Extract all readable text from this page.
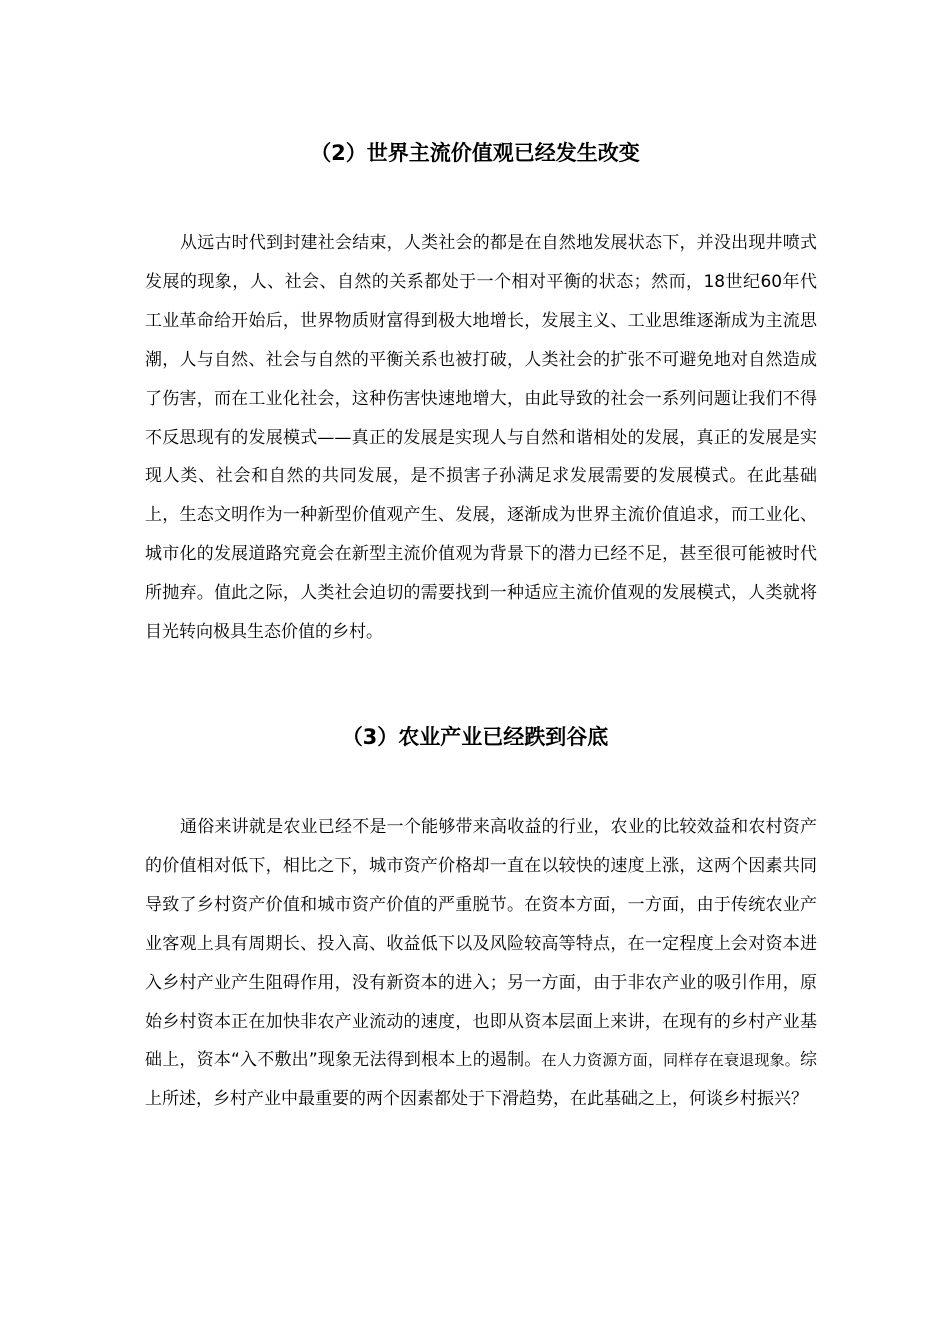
（2）世界主流价值观已经发生改变

从远古时代到封建社会结束，人类社会的都是在自然地发展状态下，并没出现井喷式发展的现象，人、社会、自然的关系都处于一个相对平衡的状态；然而，18世纪60年代工业革命给开始后，世界物质财富得到极大地增长，发展主义、工业思维逐渐成为主流思潮，人与自然、社会与自然的平衡关系也被打破，人类社会的扩张不可避免地对自然造成了伤害，而在工业化社会，这种伤害快速地增大，由此导致的社会一系列问题让我们不得不反思现有的发展模式——真正的发展是实现人与自然和谐相处的发展，真正的发展是实现人类、社会和自然的共同发展，是不损害子孙满足求发展需要的发展模式。在此基础上，生态文明作为一种新型价值观产生、发展，逐渐成为世界主流价值追求，而工业化、城市化的发展道路究竟会在新型主流价值观为背景下的潜力已经不足，甚至很可能被时代所抛弃。值此之际，人类社会迫切的需要找到一种适应主流价值观的发展模式，人类就将目光转向极具生态价值的乡村。

（3）农业产业已经跌到谷底

通俗来讲就是农业已经不是一个能够带来高收益的行业，农业的比较效益和农村资产的价值相对低下，相比之下，城市资产价格却一直在以较快的速度上涨，这两个因素共同导致了乡村资产价值和城市资产价值的严重脱节。在资本方面，一方面，由于传统农业产业客观上具有周期长、投入高、收益低下以及风险较高等特点，在一定程度上会对资本进入乡村产业产生阻碍作用，没有新资本的进入；另一方面，由于非农产业的吸引作用，原始乡村资本正在加快非农产业流动的速度，也即从资本层面上来讲，在现有的乡村产业基础上，资本“入不敷出”现象无法得到根本上的遏制。在人力资源方面，同样存在衰退现象。综上所述，乡村产业中最重要的两个因素都处于下滑趋势，在此基础之上，何谈乡村振兴？
